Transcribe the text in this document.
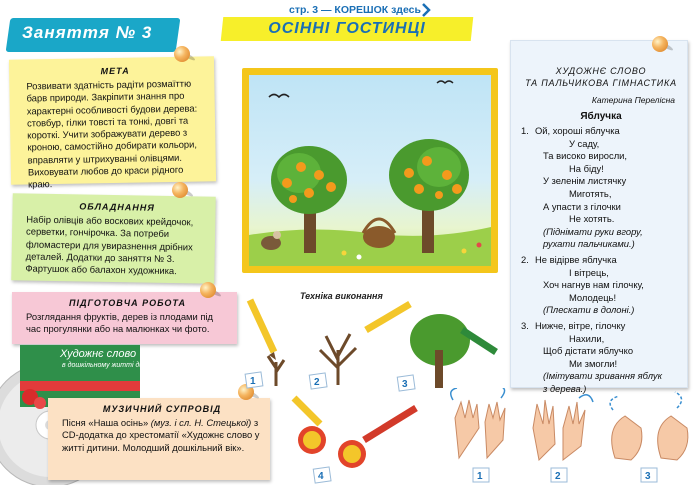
Заняття № 3
стр. 3 — КОРЕШОК здесь
ОСІННІ ГОСТИНЦІ
МЕТА
Розвивати здатність радіти розмаїттю барв природи. Закріпити знання про характерні особливості будови дерева: стовбур, гілки товсті та тонкі, довгі та короткі. Учити зображувати дерево з кроною, самостійно добирати кольори, вправляти у штрихуванні олівцями. Виховувати любов до краси рідного краю.
ОБЛАДНАННЯ
Набір олівців або воскових крейдочок, серветки, гончірочка. За потреби фломастери для увиразнення дрібних деталей. Додатки до заняття № 3. Фартушок або балахон художника.
ПІДГОТОВЧА РОБОТА
Розглядання фруктів, дерев із плодами під час прогулянки або на малюнках чи фото.
Художнє слово
в дошкільному житті дитини
МУЗИЧНИЙ СУПРОВІД
Пісня «Наша осінь» (муз. і сл. Н. Стецької) з CD-додатка до хрестоматії «Художнє слово у житті дитини. Молодший дошкільний вік».
1	2	3
4
Техніка виконання
1	2	3
ХУДОЖНЄ СЛОВО
ТА ПАЛЬЧИКОВА ГІМНАСТИКА
Катерина Перелісна
Яблучка
1. Ой, хороші яблучка
У саду,
Та високо виросли,
На біду!
У зеленім листячку
Миготять,
А упасти з гілочки
Не хотять.
(Піднімати руки вгору,
рухати пальчиками.)
2. Не відірве яблучка
І вітрець,
Хоч нагнув нам гілочку,
Молодець!
(Плескати в долоні.)
3. Нижче, вітре, гілочку
Нахили,
Щоб дістати яблучко
Ми змогли!
(Імітувати зривання яблук
з дерева.)
